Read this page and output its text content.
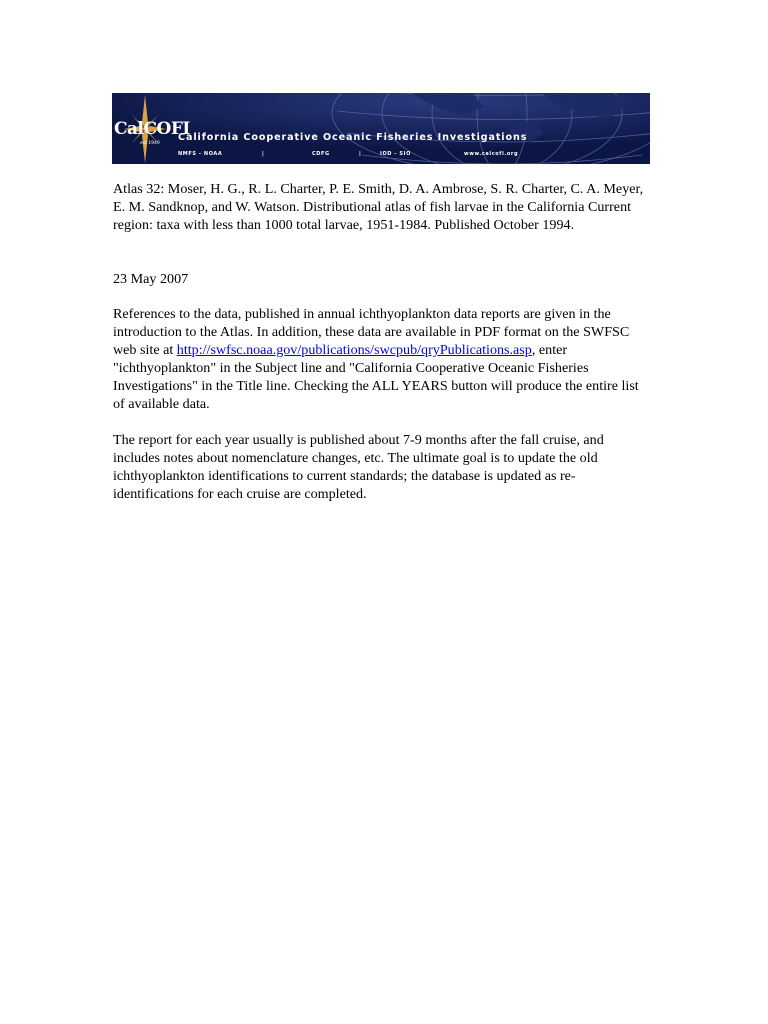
CalCOFI
est 1949
California Cooperative Oceanic Fisheries Investigations
NMFS - NOAA	|	CDFG	|	IOD - SIO	www.calcofi.org

Atlas 32: Moser, H. G., R. L. Charter, P. E. Smith, D. A. Ambrose, S. R. Charter, C. A. Meyer, E. M. Sandknop, and W. Watson. Distributional atlas of fish larvae in the California Current region: taxa with less than 1000 total larvae, 1951-1984. Published October 1994.

23 May 2007

References to the data, published in annual ichthyoplankton data reports are given in the introduction to the Atlas. In addition, these data are available in PDF format on the SWFSC web site at http://swfsc.noaa.gov/publications/swcpub/qryPublications.asp, enter "ichthyoplankton" in the Subject line and "California Cooperative Oceanic Fisheries Investigations" in the Title line. Checking the ALL YEARS button will produce the entire list of available data.

The report for each year usually is published about 7-9 months after the fall cruise, and includes notes about nomenclature changes, etc. The ultimate goal is to update the old ichthyoplankton identifications to current standards; the database is updated as re-identifications for each cruise are completed.
